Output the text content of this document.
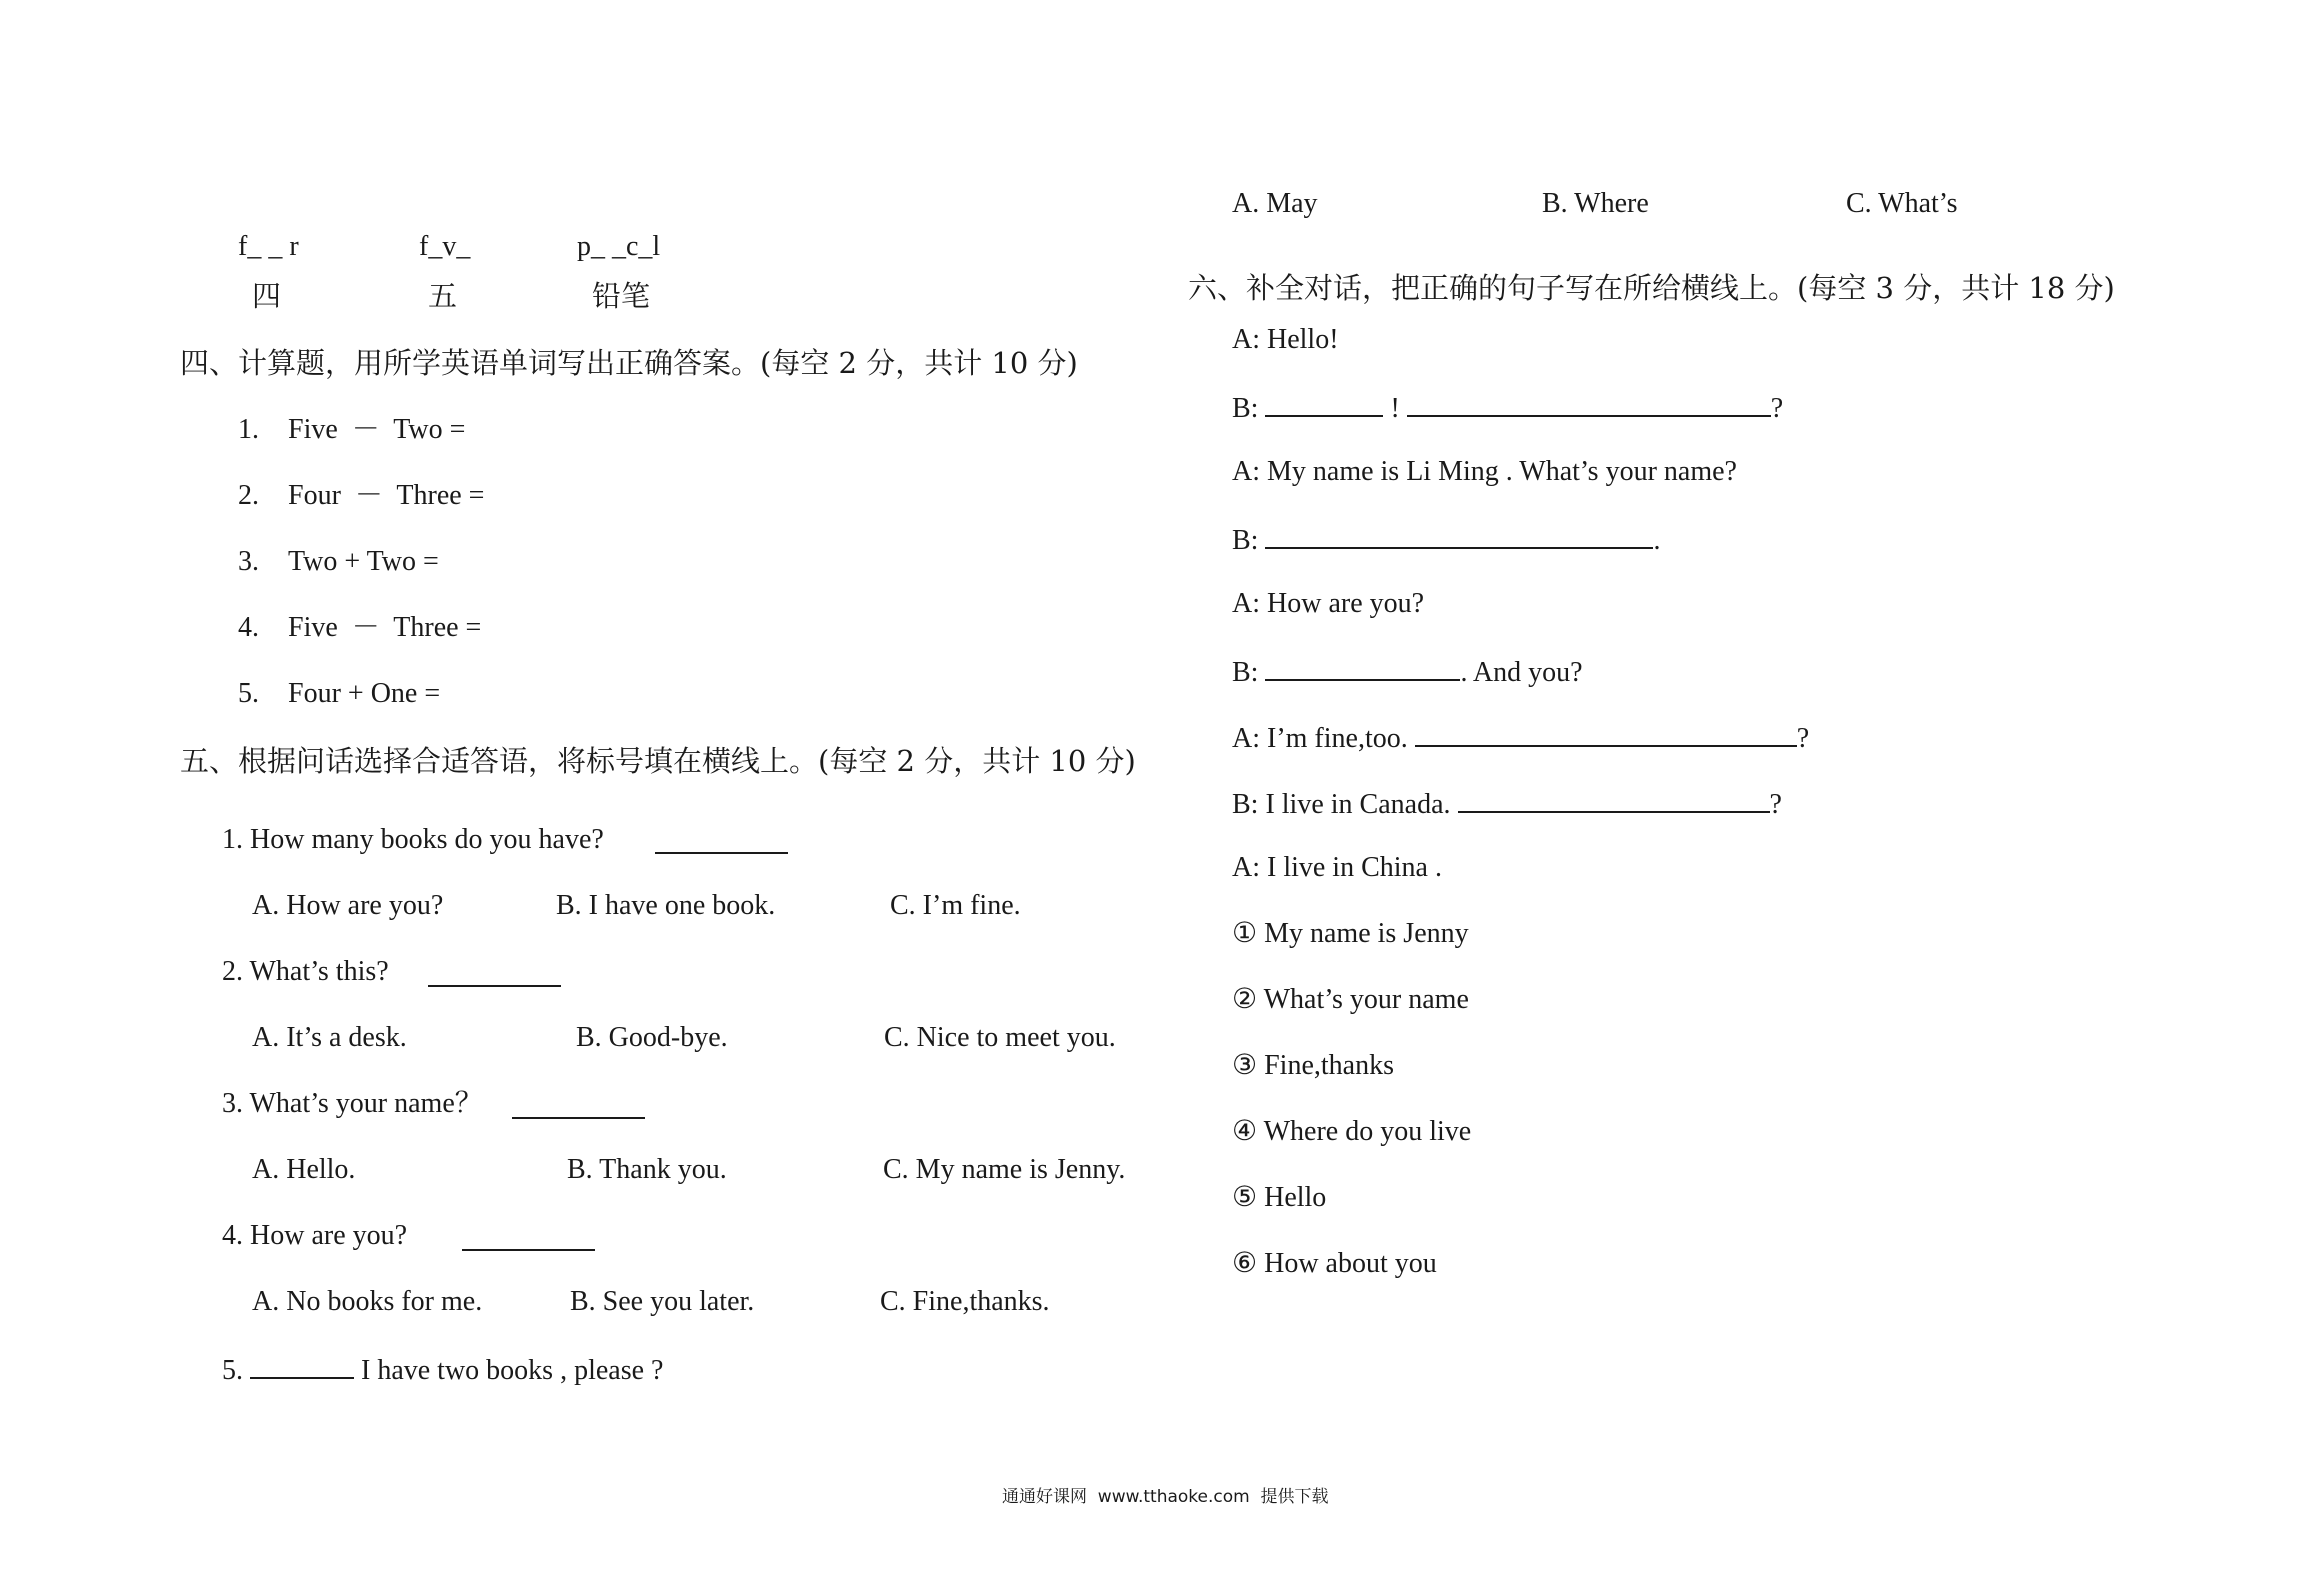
f_ _ r	f_v_	p_ _c_l
四	五	铅笔
四、计算题，用所学英语单词写出正确答案。(每空 2 分，共计 10 分)
1. Five  －  Two =
2. Four  －  Three =
3. Two + Two =
4. Five  －  Three =
5. Four + One =
五、根据问话选择合适答语，将标号填在横线上。(每空 2 分，共计 10 分)
1. How many books do you have?
A. How are you?	B. I have one book.	C. I’m fine.
2. What’s this?
A. It’s a desk.	B. Good-bye.	C. Nice to meet you.
3. What’s your name？
A. Hello.	B. Thank you.	C. My name is Jenny.
4. How are you?
A. No books for me.	B. See you later.	C. Fine,thanks.
5.	I have two books , please ?
A. May	B. Where	C. What’s
六、补全对话，把正确的句子写在所给横线上。(每空 3 分，共计 18 分)
A: Hello!
B:	!	?
A: My name is Li Ming . What’s your name?
B:	.
A: How are you?
B:	. And you?
A: I’m fine,too.	?
B: I live in Canada.	?
A: I live in China .
① My name is Jenny
② What’s your name
③ Fine,thanks
④ Where do you live
⑤ Hello
⑥ How about you
通通好课网  www.tthaoke.com  提供下载
